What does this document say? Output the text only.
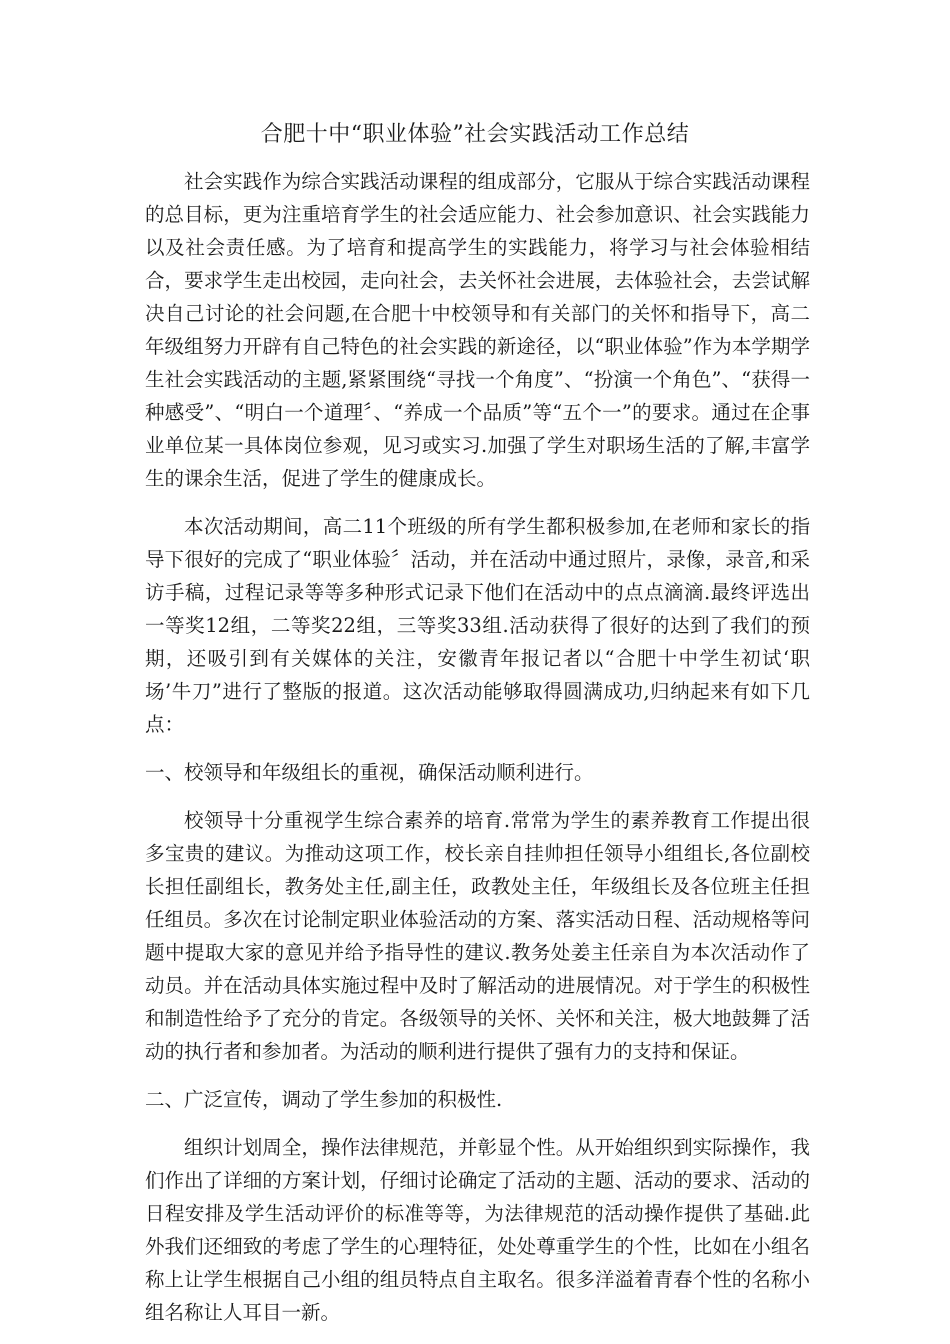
合肥十中“职业体验”社会实践活动工作总结

社会实践作为综合实践活动课程的组成部分，它服从于综合实践活动课程的总目标，更为注重培育学生的社会适应能力、社会参加意识、社会实践能力以及社会责任感。为了培育和提高学生的实践能力，将学习与社会体验相结合，要求学生走出校园，走向社会，去关怀社会进展，去体验社会，去尝试解决自己讨论的社会问题,在合肥十中校领导和有关部门的关怀和指导下，高二年级组努力开辟有自己特色的社会实践的新途径，以“职业体验”作为本学期学生社会实践活动的主题,紧紧围绕“寻找一个角度”、“扮演一个角色”、“获得一种感受”、“明白一个道理〞、“养成一个品质”等“五个一”的要求。通过在企事业单位某一具体岗位参观，见习或实习.加强了学生对职场生活的了解,丰富学生的课余生活，促进了学生的健康成长。

本次活动期间，高二11个班级的所有学生都积极参加,在老师和家长的指导下很好的完成了“职业体验〞活动，并在活动中通过照片，录像，录音,和采访手稿，过程记录等等多种形式记录下他们在活动中的点点滴滴.最终评选出一等奖12组，二等奖22组，三等奖33组.活动获得了很好的达到了我们的预期，还吸引到有关媒体的关注，安徽青年报记者以“合肥十中学生初试‘职场’牛刀”进行了整版的报道。这次活动能够取得圆满成功,归纳起来有如下几点：

一、校领导和年级组长的重视，确保活动顺利进行。

校领导十分重视学生综合素养的培育.常常为学生的素养教育工作提出很多宝贵的建议。为推动这项工作，校长亲自挂帅担任领导小组组长,各位副校长担任副组长，教务处主任,副主任，政教处主任，年级组长及各位班主任担任组员。多次在讨论制定职业体验活动的方案、落实活动日程、活动规格等问题中提取大家的意见并给予指导性的建议.教务处姜主任亲自为本次活动作了动员。并在活动具体实施过程中及时了解活动的进展情况。对于学生的积极性和制造性给予了充分的肯定。各级领导的关怀、关怀和关注，极大地鼓舞了活动的执行者和参加者。为活动的顺利进行提供了强有力的支持和保证。

二、广泛宣传，调动了学生参加的积极性.

组织计划周全，操作法律规范，并彰显个性。从开始组织到实际操作，我们作出了详细的方案计划，仔细讨论确定了活动的主题、活动的要求、活动的日程安排及学生活动评价的标准等等，为法律规范的活动操作提供了基础.此外我们还细致的考虑了学生的心理特征，处处尊重学生的个性，比如在小组名称上让学生根据自己小组的组员特点自主取名。很多洋溢着青春个性的名称小组名称让人耳目一新。
